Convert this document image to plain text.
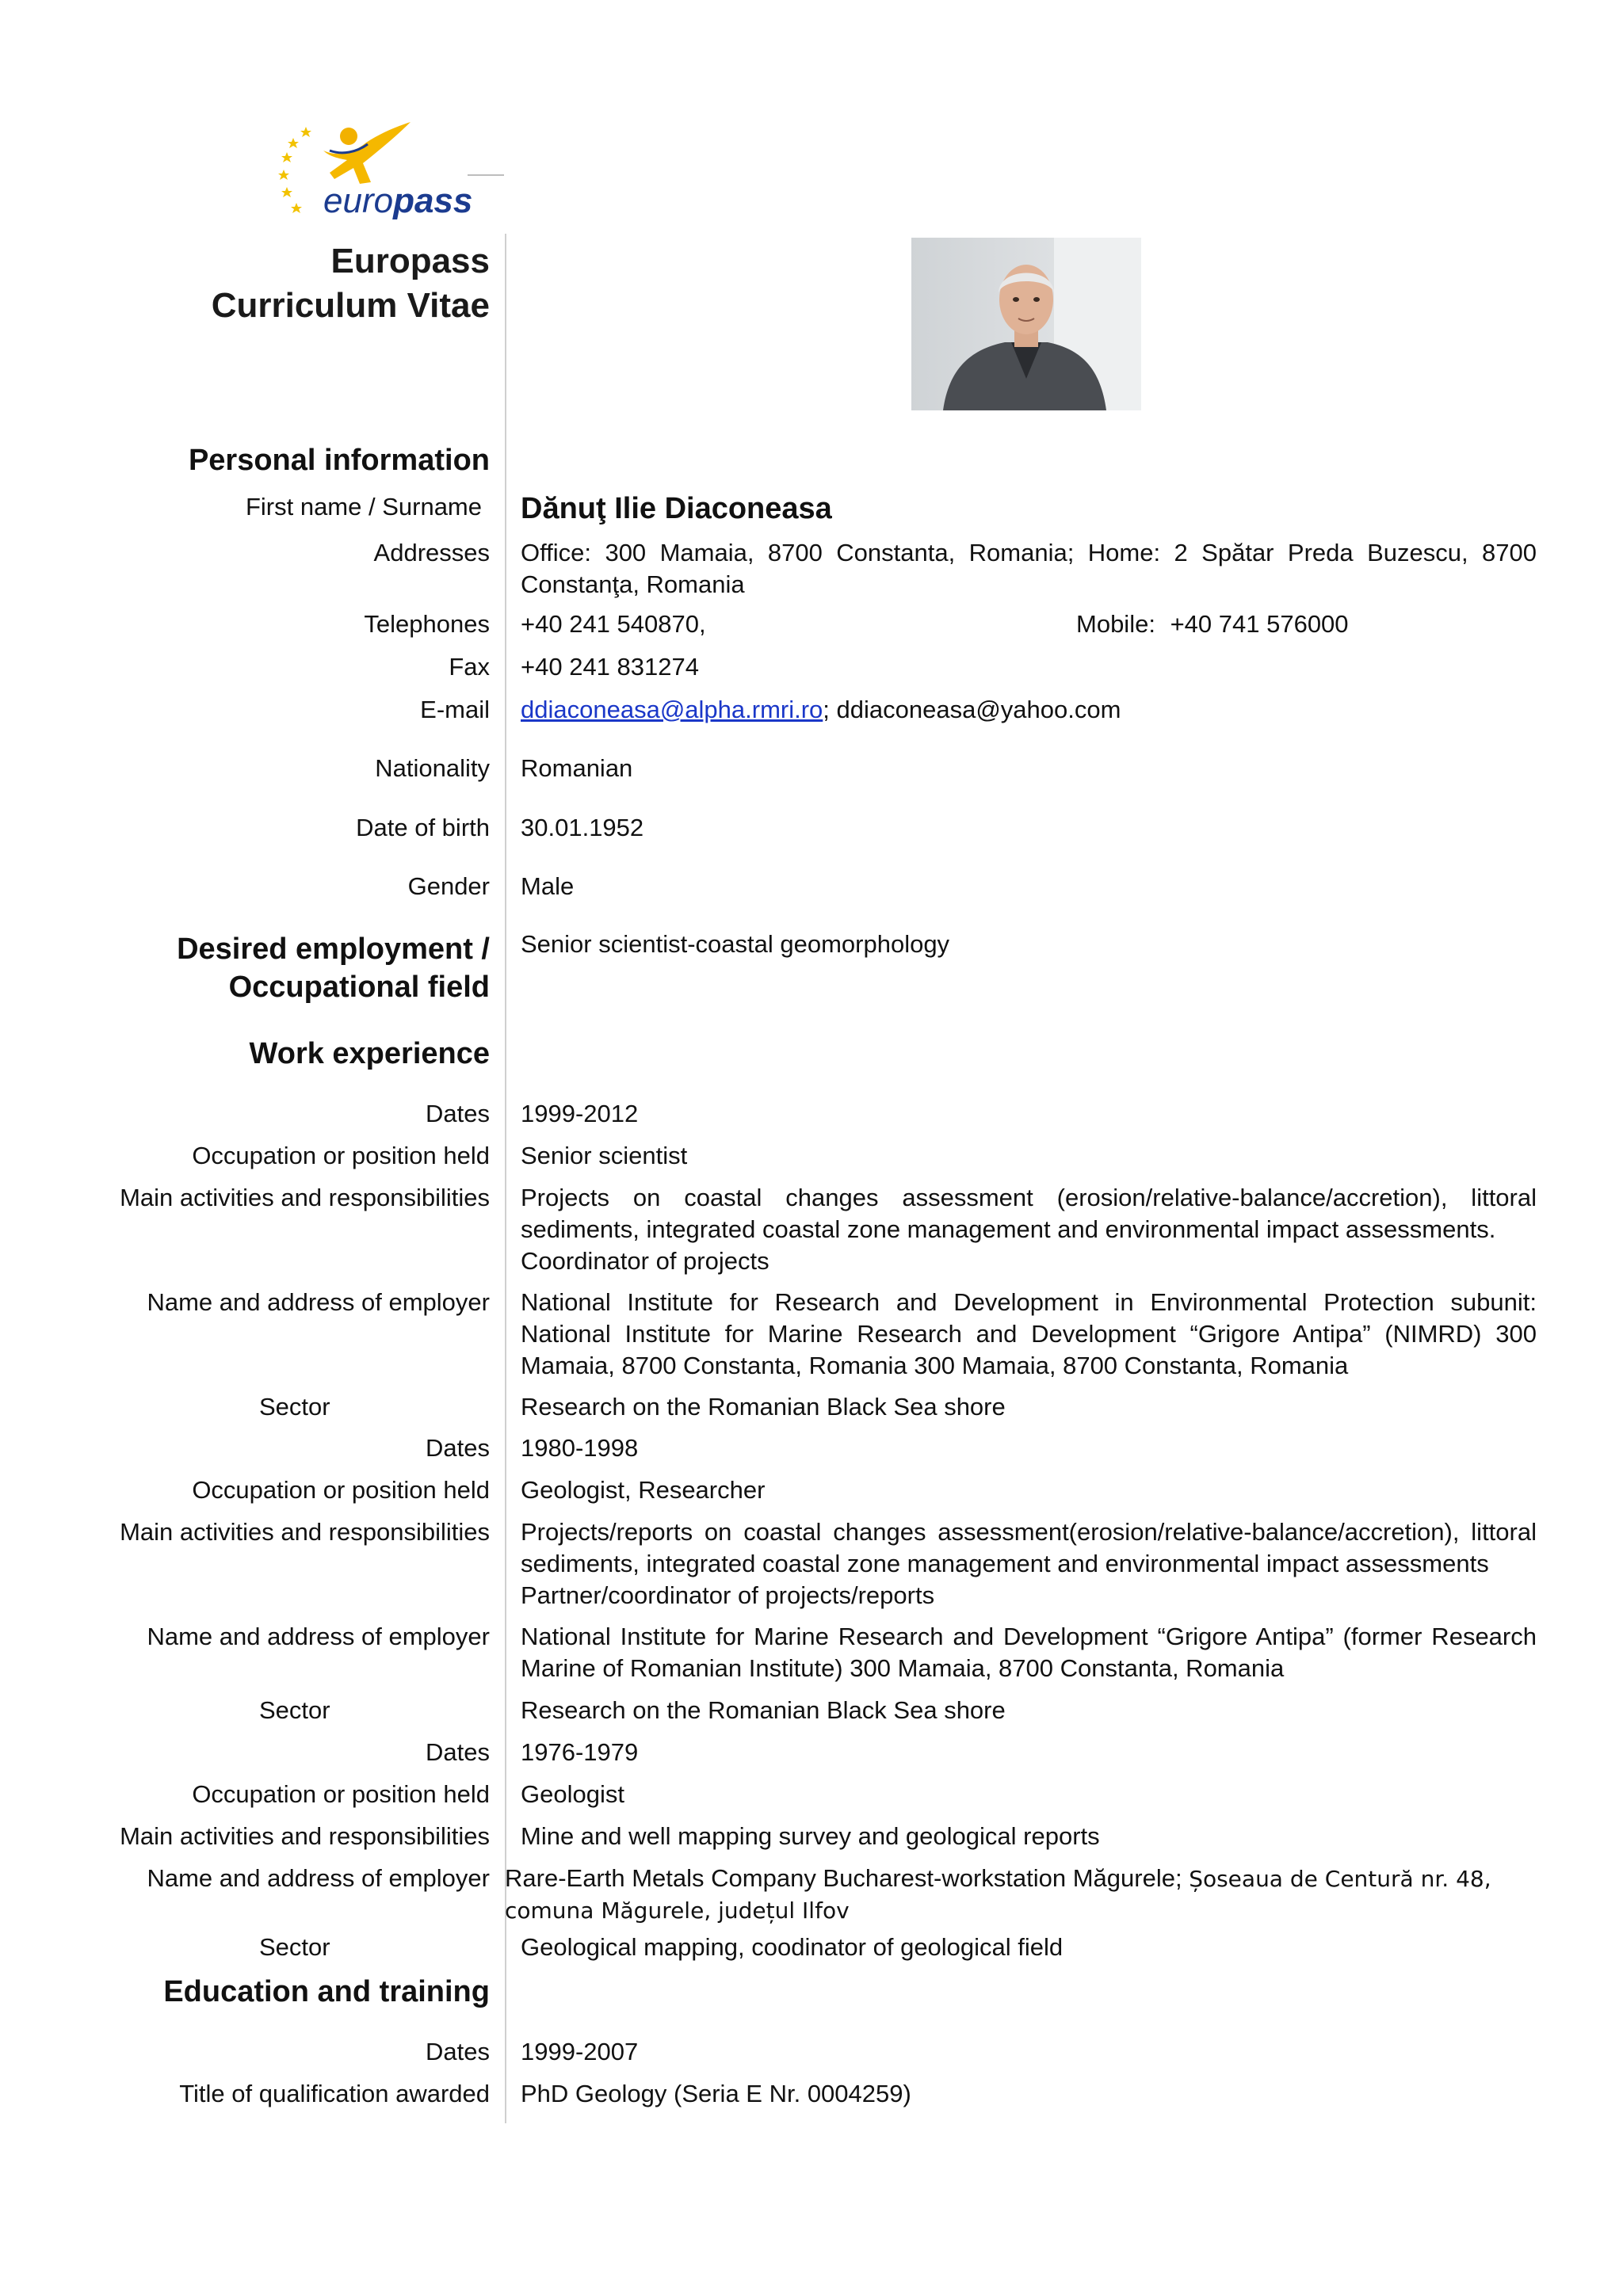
europass
Europass
Curriculum Vitae
Personal information
First name / Surname Dănuţ Ilie Diaconeasa
Addresses Office: 300 Mamaia, 8700 Constanta, Romania; Home: 2 Spătar Preda Buzescu, 8700 Constanţa, Romania
Telephones +40 241 540870,	Mobile: +40 741 576000
Fax +40 241 831274
E-mail ddiaconeasa@alpha.rmri.ro; ddiaconeasa@yahoo.com
Nationality Romanian
Date of birth 30.01.1952
Gender Male
Desired employment /
Occupational field
Senior scientist-coastal geomorphology
Work experience
Dates 1999-2012
Occupation or position held Senior scientist
Main activities and responsibilities Projects on coastal changes assessment (erosion/relative-balance/accretion), littoral sediments, integrated coastal zone management and environmental impact assessments.
Coordinator of projects
Name and address of employer National Institute for Research and Development in Environmental Protection subunit: National Institute for Marine Research and Development “Grigore Antipa” (NIMRD) 300 Mamaia, 8700 Constanta, Romania 300 Mamaia, 8700 Constanta, Romania
Sector	Research on the Romanian Black Sea shore
Dates 1980-1998
Occupation or position held Geologist, Researcher
Main activities and responsibilities Projects/reports on coastal changes assessment(erosion/relative-balance/accretion), littoral sediments, integrated coastal zone management and environmental impact assessments
Partner/coordinator of projects/reports
Name and address of employer National Institute for Marine Research and Development “Grigore Antipa” (former Research Marine of Romanian Institute) 300 Mamaia, 8700 Constanta, Romania
Sector	Research on the Romanian Black Sea shore
Dates 1976-1979
Occupation or position held Geologist
Main activities and responsibilities Mine and well mapping survey and geological reports
Name and address of employer Rare-Earth Metals Company Bucharest-workstation Măgurele; Șoseaua de Centură nr. 48, comuna Măgurele, județul Ilfov
Sector	Geological mapping, coodinator of geological field
Education and training
Dates 1999-2007
Title of qualification awarded PhD Geology (Seria E Nr. 0004259)
